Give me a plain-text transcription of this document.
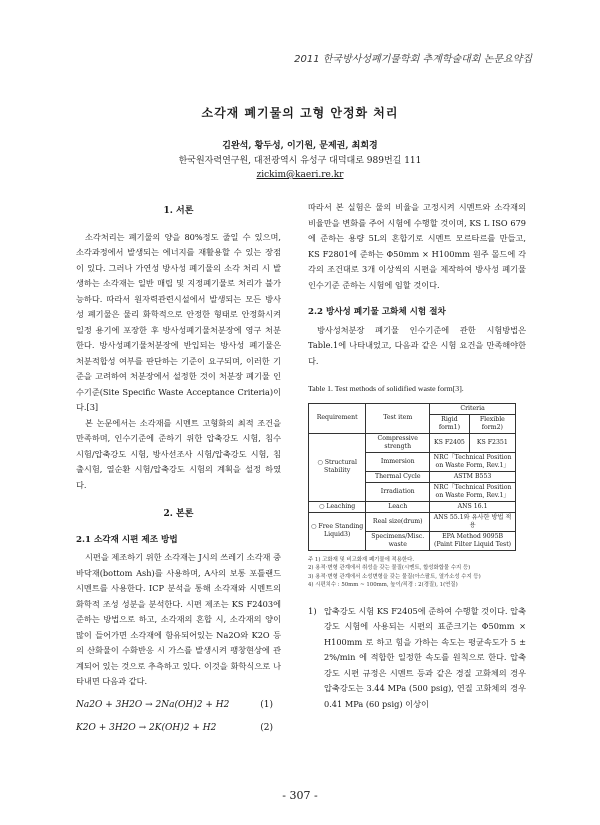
2011 한국방사성폐기물학회 추계학술대회 논문요약집
소각재 폐기물의 고형 안정화 처리
김완석, 황두성, 이기원, 문제권, 최희경
한국원자력연구원, 대전광역시 유성구 대덕대로 989번길 111
zickim@kaeri.re.kr
1. 서론

소각처리는 폐기물의 양을 80%정도 줄일 수 있으며, 소각과정에서 발생되는 에너지를 재활용할 수 있는 장점이 있다. 그러나 가연성 방사성 폐기물의 소각 처리 시 발생하는 소각재는 일반 매립 및 지정폐기물로 처리가 불가능하다. 따라서 원자력관련시설에서 발생되는 모든 방사성 폐기물은 물리 화학적으로 안정한 형태로 안정화시켜 일정 용기에 포장한 후 방사성폐기물처분장에 영구 처분한다. 방사성폐기물처분장에 반입되는 방사성 폐기물은 처분적합성 여부를 판단하는 기준이 요구되며, 이러한 기준을 고려하여 처분장에서 설정한 것이 처분장 폐기물 인수기준(Site Specific Waste Acceptance Criteria)이다.[3]

본 논문에서는 소각재를 시멘트 고형화의 최적 조건을 만족하며, 인수기준에 준하기 위한 압축강도 시험, 침수 시험/압축강도 시험, 방사선조사 시험/압축강도 시험, 침출시험, 열순환 시험/압축강도 시험의 계획을 설정 하였다.

2. 본론
2.1 소각재 시편 제조 방법

시편을 제조하기 위한 소각재는 J시의 쓰레기 소각재 중 바닥재(bottom Ash)를 사용하며, A사의 보통 포틀랜드 시멘트를 사용한다. ICP 분석을 통해 소각재와 시멘트의 화학적 조성 성분을 분석한다. 시편 제조는 KS F2403에 준하는 방법으로 하고, 소각재의 혼합 시, 소각재의 양이 많이 들어가면 소각재에 함유되어있는 Na2O와 K2O 등의 산화물이 수화반응 시 가스를 발생시켜 팽창현상에 관계되어 있는 것으로 추측하고 있다. 이것을 화학식으로 나타내면 다음과 같다.

Na2O + 3H2O → 2Na(OH)2 + H2	(1)
K2O + 3H2O → 2K(OH)2 + H2	(2)

따라서 본 실험은 물의 비율을 고정시켜 시멘트와 소각재의 비율만을 변화를 주어 시험에 수행할 것이며, KS L ISO 679에 준하는 용량 5L의 혼합기로 시멘트 모르타르를 만들고, KS F2801에 준하는 Φ50mm × H100mm 원주 몰드에 각각의 조건대로 3개 이상씩의 시편을 제작하여 방사성 폐기물 인수기준 준하는 시험에 임할 것이다.

2.2 방사성 폐기물 고화체 시험 절차

방사성처분장 폐기물 인수기준에 관한 시험방법은 Table.1에 나타내었고, 다음과 같은 시험 요건을 만족해야한다.

Table 1. Test methods of solidified waste form[3].
Requirement	Test item	Criteria	
		Rigid form1)	Flexible form2)
○ Structural Stability	Compressive strength	KS F2405	KS F2351
	Immersion	NRC「Technical Position on Waste Form, Rev.1」	
	Thermal Cycle	ASTM B553	
	Irradiation	NRC「Technical Position on Waste Form, Rev.1」	
○ Leaching	Leach	ANS 16.1	
○ Free Standing Liquid3)	Real size(drum)	ANS 55.1와 유사한 방법 적용	
	Specimens/Misc. waste	EPA Method 9095B (Paint Filter Liquid Test)	
주 1) 고화재 및 비고화재 폐기물에 적용한다.
2) 용적·변형 관계에서 취성을 갖는 물질(시멘트, 합성화합물 수지 등)
3) 용적·변형 관계에서 소성변형을 갖는 물질(아스팔트, 열가소성 수지 등)
4) 시편치수 : 50mm ~ 100mm, 높이/직경 : 2(경질), 1(연질)
1) 압축강도 시험 KS F2405에 준하여 수행할 것이다. 압축강도 시험에 사용되는 시편의 표준크기는 Φ50mm × H100mm 로 하고 힘을 가하는 속도는 평균속도가 5 ± 2%/min 에 적합한 일정한 속도를 원칙으로 한다. 압축강도 시편 규정은 시멘트 등과 같은 경질 고화체의 경우 압축강도는 3.44 MPa (500 psig), 연질 고화체의 경우 0.41 MPa (60 psig) 이상이

- 307 -
